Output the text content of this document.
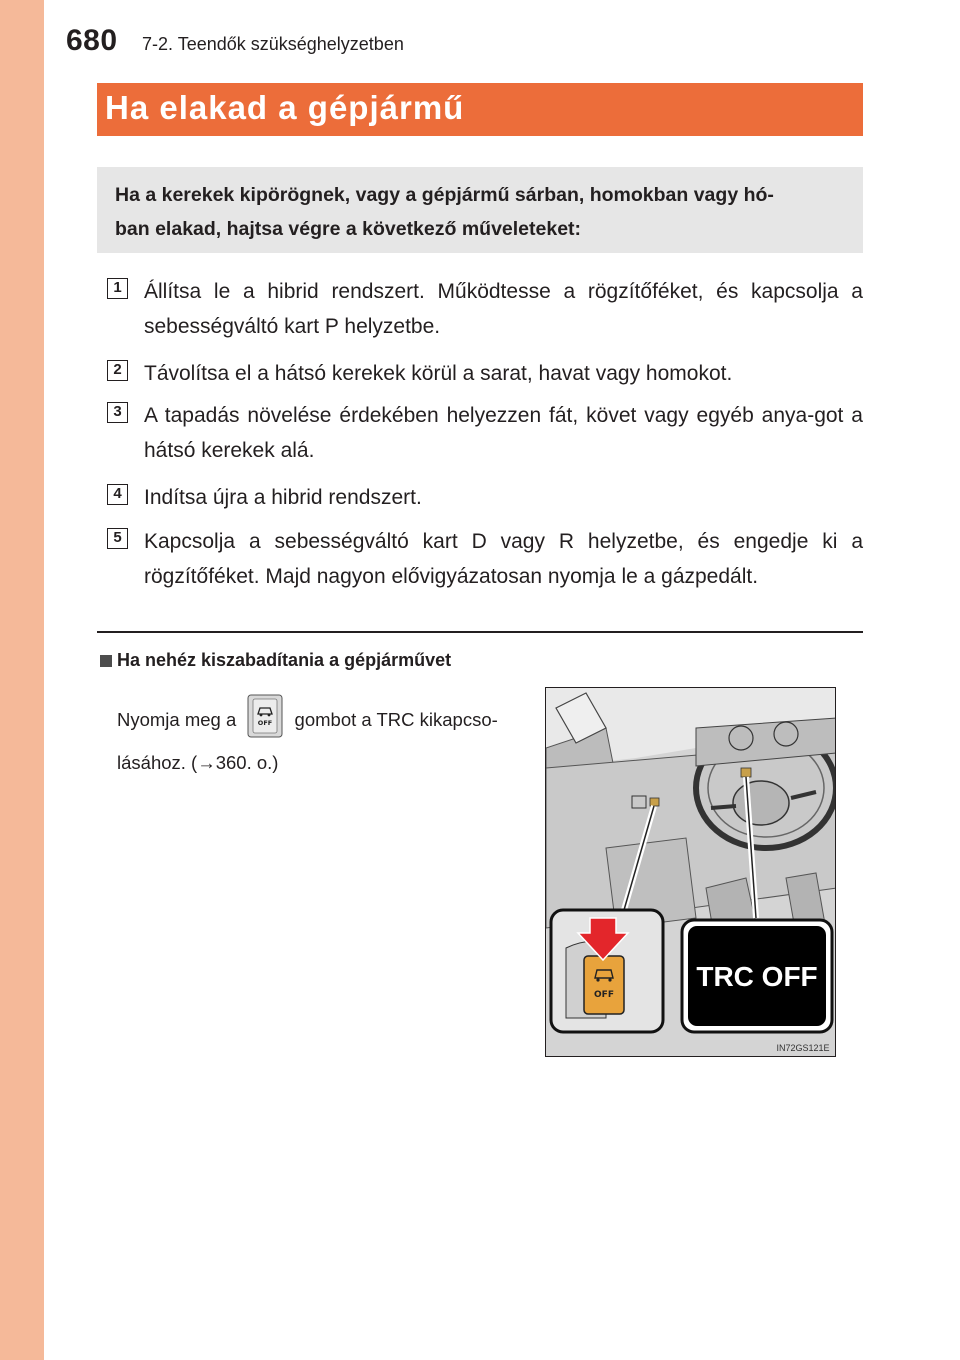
680 7-2. Teendők szükséghelyzetben
Ha elakad a gépjármű

Ha a kerekek kipörögnek, vagy a gépjármű sárban, homokban vagy hó-

ban elakad, hajtsa végre a következő műveleteket:

1	Állítsa le a hibrid rendszert. Működtesse a rögzítőféket, és kapcsolja a sebességváltó kart P helyzetbe.
2	Távolítsa el a hátsó kerekek körül a sarat, havat vagy homokot.
3	A tapadás növelése érdekében helyezzen fát, követ vagy egyéb anya-got a hátsó kerekek alá.
4	Indítsa újra a hibrid rendszert.
5	Kapcsolja a sebességváltó kart D vagy R helyzetbe, és engedje ki a rögzítőféket. Majd nagyon elővigyázatosan nyomja le a gázpedált.
Ha nehéz kiszabadítania a gépjárművet
Nyomja meg a	OFF gombot a TRC kikapcso-
lásához. (→360. o.)
OFF
TRC OFF
IN72GS121E
